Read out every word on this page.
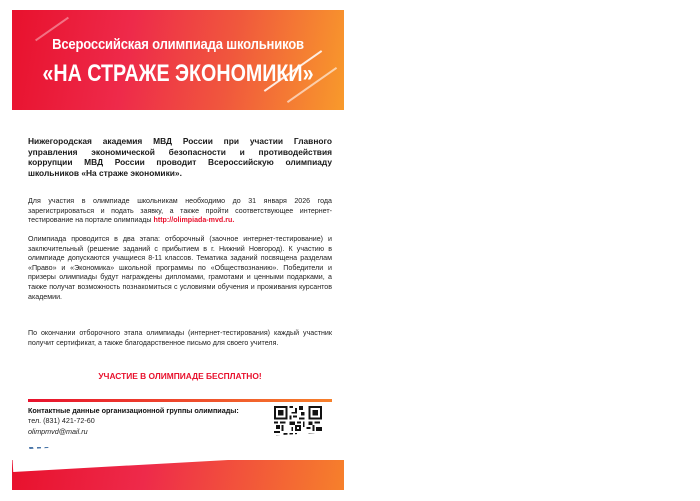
Всероссийская олимпиада школьников
«НА СТРАЖЕ ЭКОНОМИКИ»
Нижегородская академия МВД России при участии Главного управления экономической безопасности и противодействия коррупции МВД России проводит Всероссийскую олимпиаду школьников «На страже экономики».
Для участия в олимпиаде школьникам необходимо до 31 января 2026 года зарегистрироваться и подать заявку, а также пройти соответствующее интернет-тестирование на портале олимпиады http://olimpiada-mvd.ru.
Олимпиада проводится в два этапа: отборочный (заочное интернет-тестирование) и заключительный (решение заданий с прибытием в г. Нижний Новгород). К участию в олимпиаде допускаются учащиеся 8-11 классов. Тематика заданий посвящена разделам «Право» и «Экономика» школьной программы по «Обществознанию». Победители и призеры олимпиады будут награждены дипломами, грамотами и ценными подарками, а также получат возможность познакомиться с условиями обучения и проживания курсантов академии.
По окончании отборочного этапа олимпиады (интернет-тестирования) каждый участник получит сертификат, а также благодарственное письмо для своего учителя.
УЧАСТИЕ В ОЛИМПИАДЕ БЕСПЛАТНО!
Контактные данные организационной группы олимпиады:
тел. (831) 421-72-60
olimpmvd@mail.ru
